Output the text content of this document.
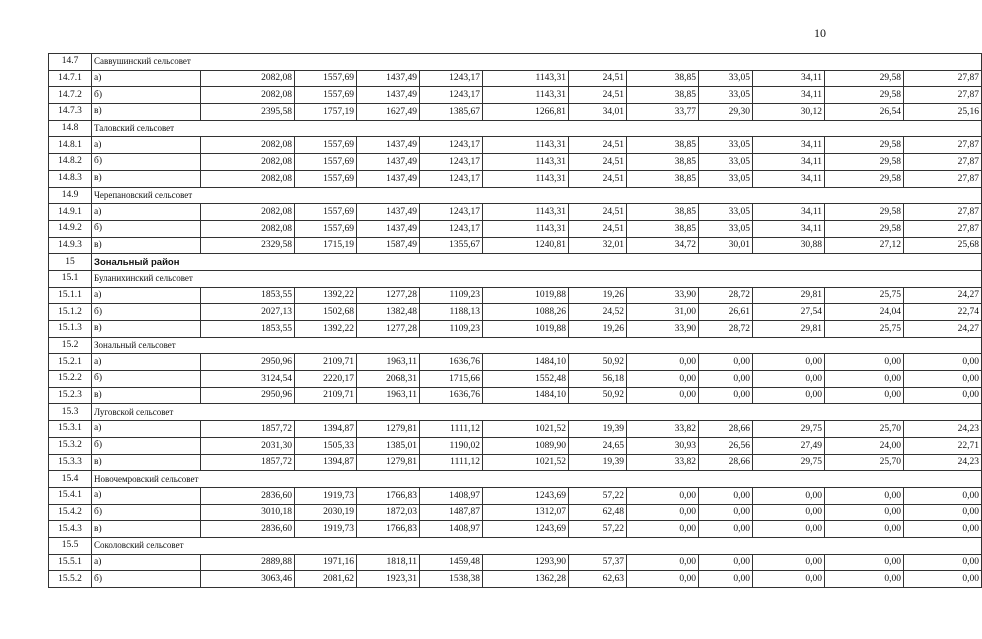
10
14.7	Саввушинский сельсовет											
14.7.1	а)	2082,08	1557,69	1437,49	1243,17	1143,31	24,51	38,85	33,05	34,11	29,58	27,87
14.7.2	б)	2082,08	1557,69	1437,49	1243,17	1143,31	24,51	38,85	33,05	34,11	29,58	27,87
14.7.3	в)	2395,58	1757,19	1627,49	1385,67	1266,81	34,01	33,77	29,30	30,12	26,54	25,16
14.8	Таловский сельсовет											
14.8.1	а)	2082,08	1557,69	1437,49	1243,17	1143,31	24,51	38,85	33,05	34,11	29,58	27,87
14.8.2	б)	2082,08	1557,69	1437,49	1243,17	1143,31	24,51	38,85	33,05	34,11	29,58	27,87
14.8.3	в)	2082,08	1557,69	1437,49	1243,17	1143,31	24,51	38,85	33,05	34,11	29,58	27,87
14.9	Черепановский сельсовет											
14.9.1	а)	2082,08	1557,69	1437,49	1243,17	1143,31	24,51	38,85	33,05	34,11	29,58	27,87
14.9.2	б)	2082,08	1557,69	1437,49	1243,17	1143,31	24,51	38,85	33,05	34,11	29,58	27,87
14.9.3	в)	2329,58	1715,19	1587,49	1355,67	1240,81	32,01	34,72	30,01	30,88	27,12	25,68
15	Зональный район											
15.1	Буланихинский сельсовет											
15.1.1	а)	1853,55	1392,22	1277,28	1109,23	1019,88	19,26	33,90	28,72	29,81	25,75	24,27
15.1.2	б)	2027,13	1502,68	1382,48	1188,13	1088,26	24,52	31,00	26,61	27,54	24,04	22,74
15.1.3	в)	1853,55	1392,22	1277,28	1109,23	1019,88	19,26	33,90	28,72	29,81	25,75	24,27
15.2	Зональный сельсовет											
15.2.1	а)	2950,96	2109,71	1963,11	1636,76	1484,10	50,92	0,00	0,00	0,00	0,00	0,00
15.2.2	б)	3124,54	2220,17	2068,31	1715,66	1552,48	56,18	0,00	0,00	0,00	0,00	0,00
15.2.3	в)	2950,96	2109,71	1963,11	1636,76	1484,10	50,92	0,00	0,00	0,00	0,00	0,00
15.3	Луговской сельсовет											
15.3.1	а)	1857,72	1394,87	1279,81	1111,12	1021,52	19,39	33,82	28,66	29,75	25,70	24,23
15.3.2	б)	2031,30	1505,33	1385,01	1190,02	1089,90	24,65	30,93	26,56	27,49	24,00	22,71
15.3.3	в)	1857,72	1394,87	1279,81	1111,12	1021,52	19,39	33,82	28,66	29,75	25,70	24,23
15.4	Новочемровский сельсовет											
15.4.1	а)	2836,60	1919,73	1766,83	1408,97	1243,69	57,22	0,00	0,00	0,00	0,00	0,00
15.4.2	б)	3010,18	2030,19	1872,03	1487,87	1312,07	62,48	0,00	0,00	0,00	0,00	0,00
15.4.3	в)	2836,60	1919,73	1766,83	1408,97	1243,69	57,22	0,00	0,00	0,00	0,00	0,00
15.5	Соколовский сельсовет											
15.5.1	а)	2889,88	1971,16	1818,11	1459,48	1293,90	57,37	0,00	0,00	0,00	0,00	0,00
15.5.2	б)	3063,46	2081,62	1923,31	1538,38	1362,28	62,63	0,00	0,00	0,00	0,00	0,00
